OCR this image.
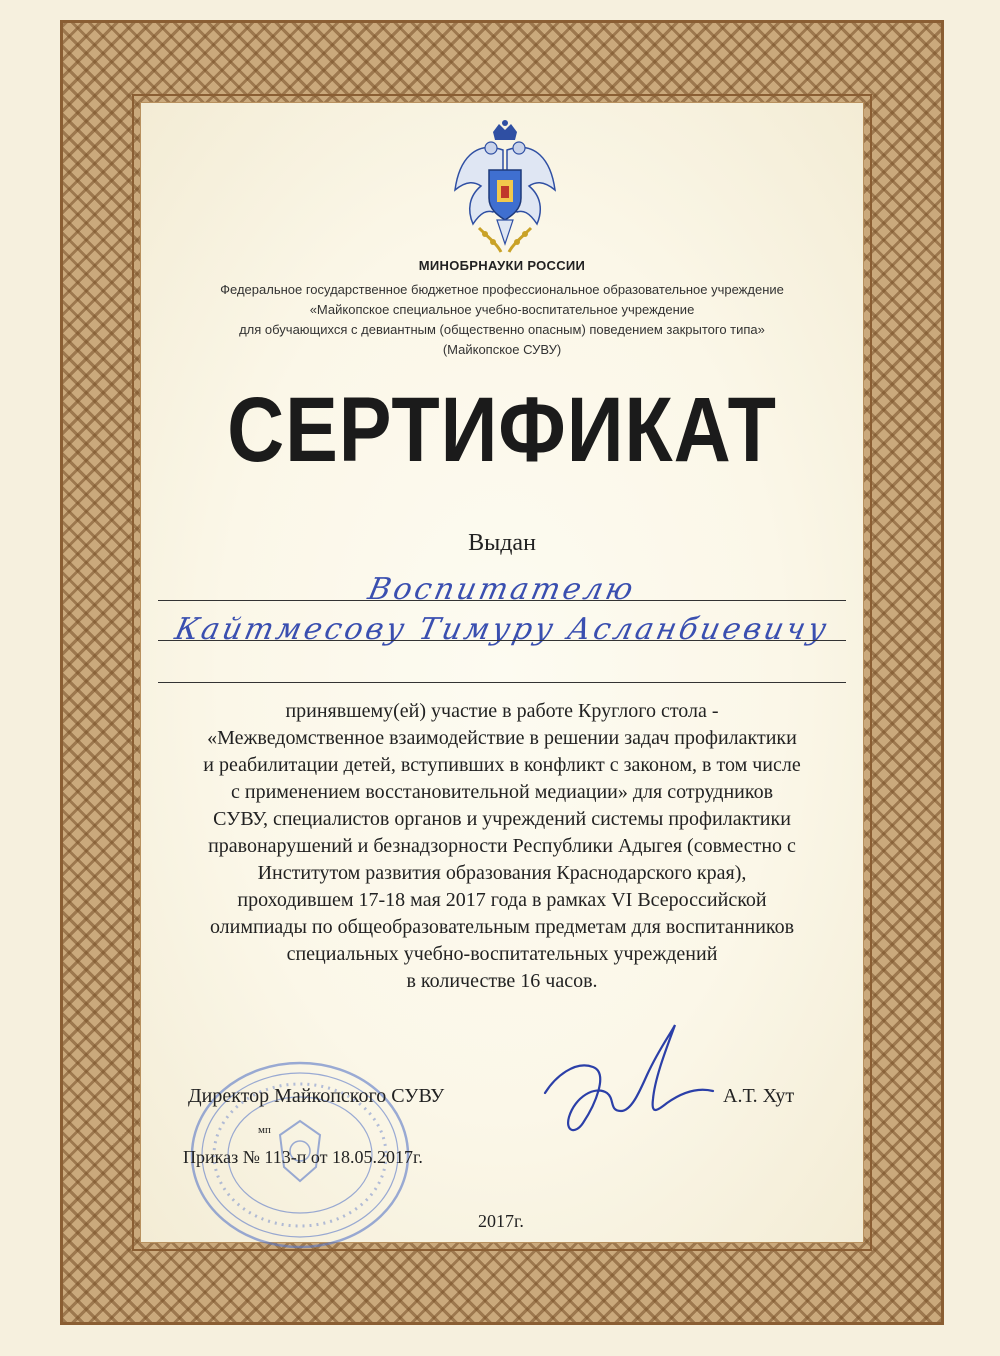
МИНОБРНАУКИ РОССИИ
Федеральное государственное бюджетное профессиональное образовательное учреждение
«Майкопское специальное учебно-воспитательное учреждение
для обучающихся с девиантным (общественно опасным) поведением закрытого типа»
(Майкопское СУВУ)
СЕРТИФИКАТ
Выдан
Воспитателю
Кайтмесову Тимуру Асланбиевичу
принявшему(ей) участие в работе Круглого стола -
«Межведомственное взаимодействие в решении задач профилактики
и реабилитации детей, вступивших в конфликт с законом, в том числе
с применением восстановительной медиации» для сотрудников
СУВУ, специалистов органов и учреждений системы профилактики
правонарушений и безнадзорности Республики Адыгея (совместно с
Институтом развития образования Краснодарского края),
проходившем 17-18 мая 2017 года в рамках VI Всероссийской
олимпиады по общеобразовательным предметам для воспитанников
специальных учебно-воспитательных учреждений
в количестве 16 часов.
Директор Майкопского СУВУ	А.Т. Хут
мп
Приказ № 113-п от 18.05.2017г.
2017г.
